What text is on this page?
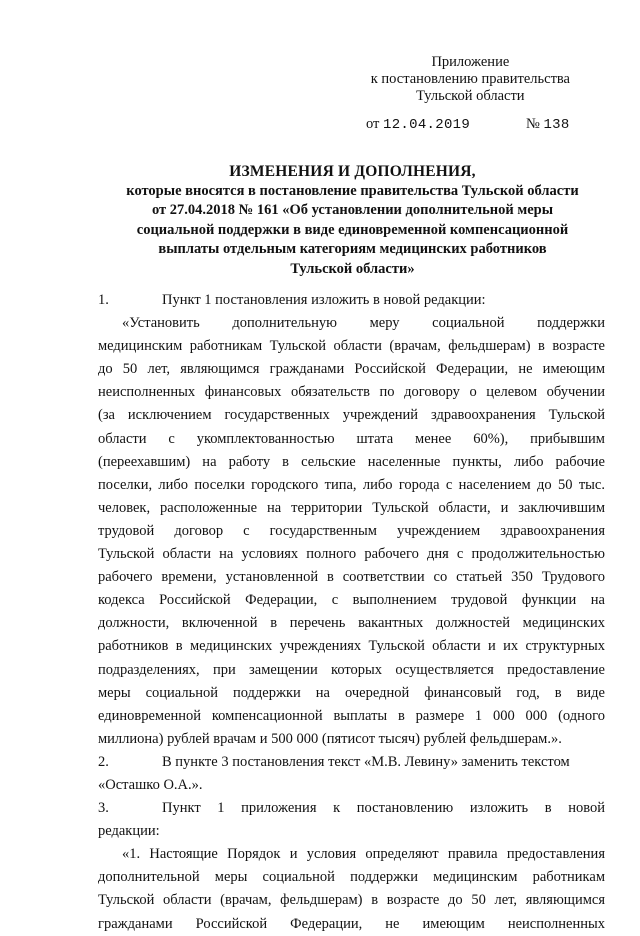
Приложение
к постановлению правительства
Тульской области
от 12.04.2019	№ 138
ИЗМЕНЕНИЯ И ДОПОЛНЕНИЯ,
которые вносятся в постановление правительства Тульской области
от 27.04.2018 № 161 «Об установлении дополнительной меры
социальной поддержки в виде единовременной компенсационной
выплаты отдельным категориям медицинских работников
Тульской области»
1.	Пункт 1 постановления изложить в новой редакции:
«Установить дополнительную меру социальной поддержки
медицинским работникам Тульской области (врачам, фельдшерам) в возрасте
до 50 лет, являющимся гражданами Российской Федерации, не имеющим
неисполненных финансовых обязательств по договору о целевом обучении
(за исключением государственных учреждений здравоохранения Тульской
области с укомплектованностью штата менее 60%), прибывшим
(переехавшим) на работу в сельские населенные пункты, либо рабочие
поселки, либо поселки городского типа, либо города с населением до 50 тыс.
человек, расположенные на территории Тульской области, и заключившим
трудовой договор с государственным учреждением здравоохранения
Тульской области на условиях полного рабочего дня с продолжительностью
рабочего времени, установленной в соответствии со статьей 350 Трудового
кодекса Российской Федерации, с выполнением трудовой функции на
должности, включенной в перечень вакантных должностей медицинских
работников в медицинских учреждениях Тульской области и их структурных
подразделениях, при замещении которых осуществляется предоставление
меры социальной поддержки на очередной финансовый год, в виде
единовременной компенсационной выплаты в размере 1 000 000 (одного
миллиона) рублей врачам и 500 000 (пятисот тысяч) рублей фельдшерам.».
2.	В пункте 3 постановления текст «М.В. Левину» заменить текстом
«Осташко О.А.».
3.	Пункт 1 приложения к постановлению изложить в новой
редакции:
«1. Настоящие Порядок и условия определяют правила предоставления
дополнительной меры социальной поддержки медицинским работникам
Тульской области (врачам, фельдшерам) в возрасте до 50 лет, являющимся
гражданами Российской Федерации, не имеющим неисполненных
